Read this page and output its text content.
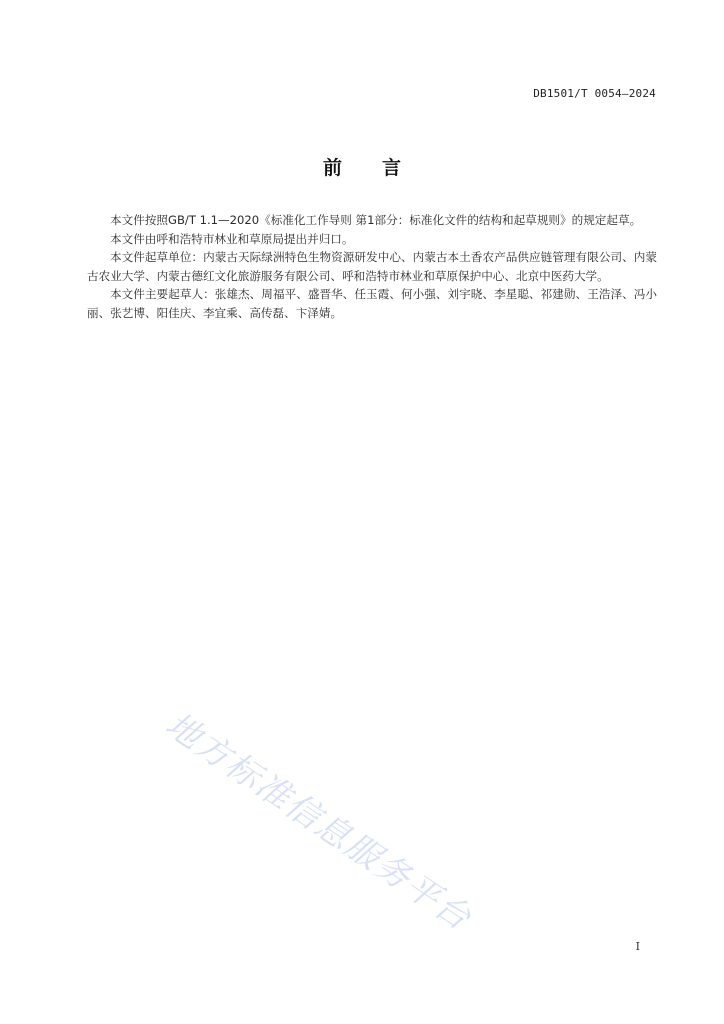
DB1501/T 0054—2024
前 言

本文件按照GB/T 1.1—2020《标准化工作导则 第1部分：标准化文件的结构和起草规则》的规定起草。

本文件由呼和浩特市林业和草原局提出并归口。

本文件起草单位：内蒙古天际绿洲特色生物资源研发中心、内蒙古本土香农产品供应链管理有限公司、内蒙古农业大学、内蒙古德红文化旅游服务有限公司、呼和浩特市林业和草原保护中心、北京中医药大学。

本文件主要起草人：张雄杰、周福平、盛晋华、任玉霞、何小强、刘宇晓、李星聪、祁建勋、王浩泽、冯小丽、张艺博、阳佳庆、李宜乘、高传磊、卞泽婧。

地方标准信息服务平台
I
